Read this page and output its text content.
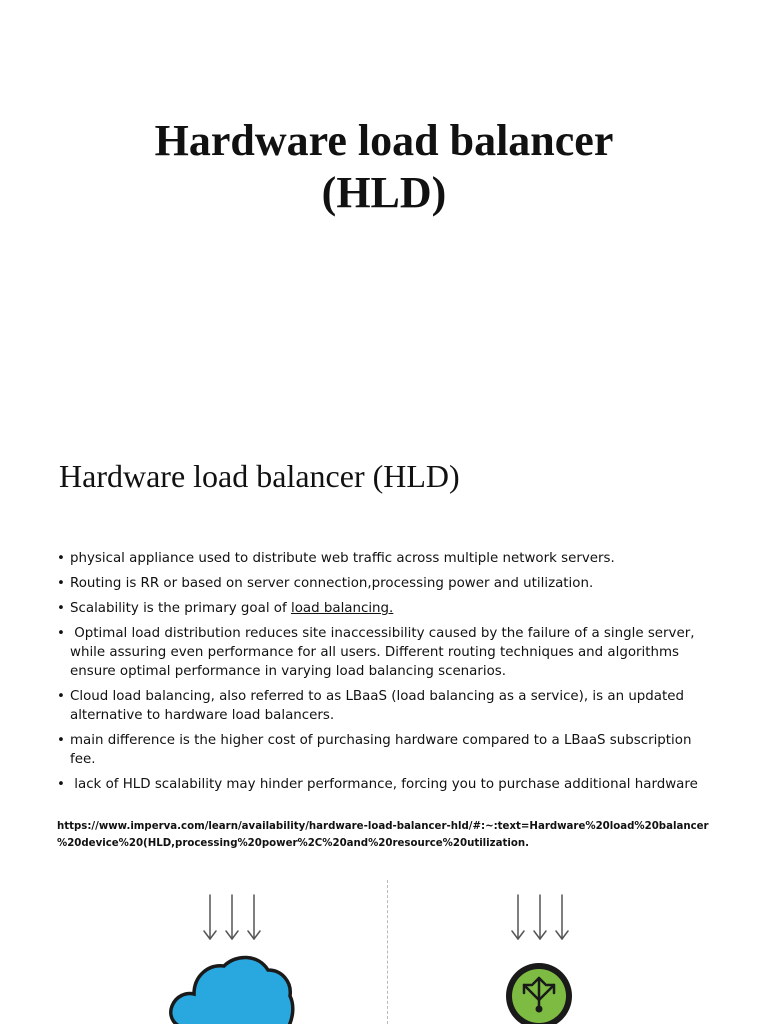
Hardware load balancer
(HLD)
Hardware load balancer (HLD)
• physical appliance used to distribute web traffic across multiple network servers.
• Routing is RR or based on server connection,processing power and utilization.
• Scalability is the primary goal of load balancing.
• Optimal load distribution reduces site inaccessibility caused by the failure of a single server, while assuring even performance for all users. Different routing techniques and algorithms ensure optimal performance in varying load balancing scenarios.
• Cloud load balancing, also referred to as LBaaS (load balancing as a service), is an updated alternative to hardware load balancers.
• main difference is the higher cost of purchasing hardware compared to a LBaaS subscription fee.
• lack of HLD scalability may hinder performance, forcing you to purchase additional hardware
https://www.imperva.com/learn/availability/hardware-load-balancer-hld/#:~:text=Hardware%20load%20balancer
%20device%20(HLD,processing%20power%2C%20and%20resource%20utilization.
